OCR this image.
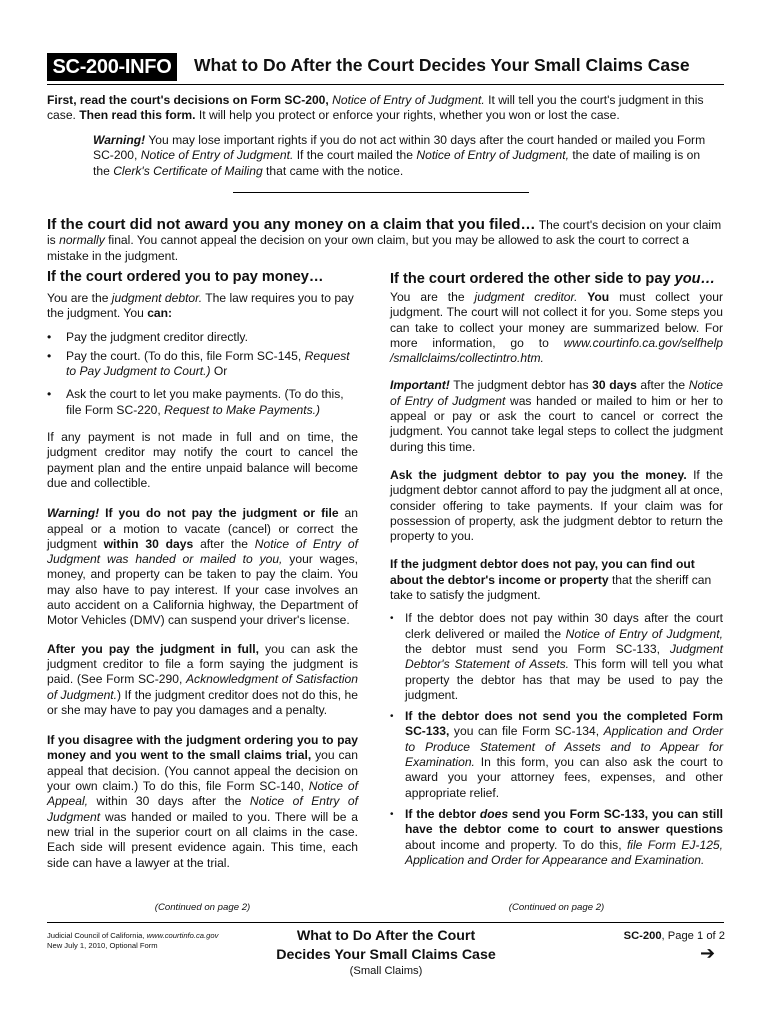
SC-200-INFO	What to Do After the Court Decides Your Small Claims Case

First, read the court's decisions on Form SC-200, Notice of Entry of Judgment. It will tell you the court's judgment in this case. Then read this form. It will help you protect or enforce your rights, whether you won or lost the case.

Warning! You may lose important rights if you do not act within 30 days after the court handed or mailed you Form SC-200, Notice of Entry of Judgment. If the court mailed the Notice of Entry of Judgment, the date of mailing is on the Clerk's Certificate of Mailing that came with the notice.

If the court did not award you any money on a claim that you filed… The court's decision on your claim is normally final. You cannot appeal the decision on your own claim, but you may be allowed to ask the court to correct a mistake in the judgment.

If the court ordered you to pay money…

You are the judgment debtor. The law requires you to pay the judgment. You can:

• Pay the judgment creditor directly.
• Pay the court. (To do this, file Form SC-145, Request to Pay Judgment to Court.) Or
• Ask the court to let you make payments. (To do this, file Form SC-220, Request to Make Payments.)

If any payment is not made in full and on time, the judgment creditor may notify the court to cancel the payment plan and the entire unpaid balance will become due and collectible.

Warning! If you do not pay the judgment or file an appeal or a motion to vacate (cancel) or correct the judgment within 30 days after the Notice of Entry of Judgment was handed or mailed to you, your wages, money, and property can be taken to pay the claim. You may also have to pay interest. If your case involves an auto accident on a California highway, the Department of Motor Vehicles (DMV) can suspend your driver's license.

After you pay the judgment in full, you can ask the judgment creditor to file a form saying the judgment is paid. (See Form SC-290, Acknowledgment of Satisfaction of Judgment.) If the judgment creditor does not do this, he or she may have to pay you damages and a penalty.

If you disagree with the judgment ordering you to pay money and you went to the small claims trial, you can appeal that decision. (You cannot appeal the decision on your own claim.) To do this, file Form SC-140, Notice of Appeal, within 30 days after the Notice of Entry of Judgment was handed or mailed to you. There will be a new trial in the superior court on all claims in the case. Each side will present evidence again. This time, each side can have a lawyer at the trial.

(Continued on page 2)
If the court ordered the other side to pay you…

You are the judgment creditor. You must collect your judgment. The court will not collect it for you. Some steps you can take to collect your money are summarized below. For more information, go to www.courtinfo.ca.gov/selfhelp /smallclaims/collectintro.htm.

Important! The judgment debtor has 30 days after the Notice of Entry of Judgment was handed or mailed to him or her to appeal or pay or ask the court to cancel or correct the judgment. You cannot take legal steps to collect the judgment during this time.

Ask the judgment debtor to pay you the money. If the judgment debtor cannot afford to pay the judgment all at once, consider offering to take payments. If your claim was for possession of property, ask the judgment debtor to return the property to you.

If the judgment debtor does not pay, you can find out about the debtor's income or property that the sheriff can take to satisfy the judgment.

• If the debtor does not pay within 30 days after the court clerk delivered or mailed the Notice of Entry of Judgment, the debtor must send you Form SC-133, Judgment Debtor's Statement of Assets. This form will tell you what property the debtor has that may be used to pay the judgment.
• If the debtor does not send you the completed Form SC-133, you can file Form SC-134, Application and Order to Produce Statement of Assets and to Appear for Examination. In this form, you can also ask the court to award you your attorney fees, expenses, and other appropriate relief.
• If the debtor does send you Form SC-133, you can still have the debtor come to court to answer questions about income and property. To do this, file Form EJ-125, Application and Order for Appearance and Examination.
(Continued on page 2)
Judicial Council of California, www.courtinfo.ca.gov
New July 1, 2010, Optional Form
What to Do After the Court
Decides Your Small Claims Case
(Small Claims)
SC-200, Page 1 of 2
➔
